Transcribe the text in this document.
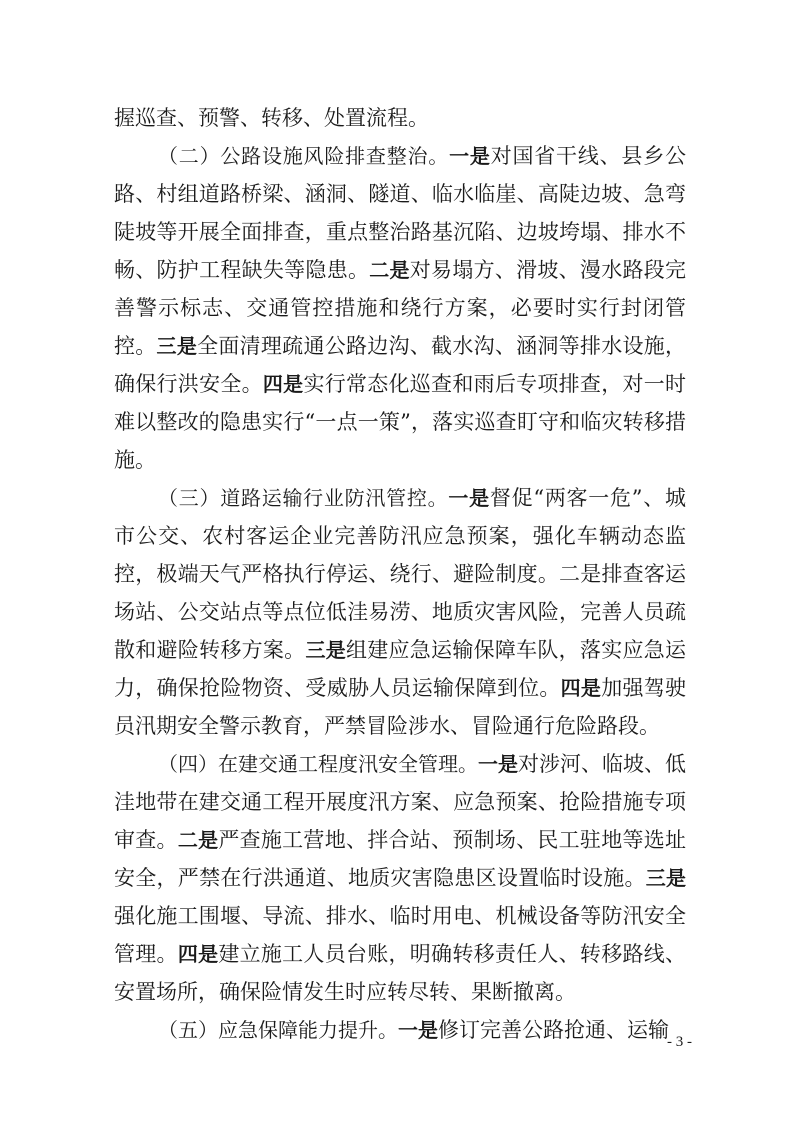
握巡查、预警、转移、处置流程。

（二）公路设施风险排查整治。一是对国省干线、县乡公路、村组道路桥梁、涵洞、隧道、临水临崖、高陡边坡、急弯陡坡等开展全面排查，重点整治路基沉陷、边坡垮塌、排水不畅、防护工程缺失等隐患。二是对易塌方、滑坡、漫水路段完善警示标志、交通管控措施和绕行方案，必要时实行封闭管控。三是全面清理疏通公路边沟、截水沟、涵洞等排水设施，确保行洪安全。四是实行常态化巡查和雨后专项排查，对一时难以整改的隐患实行“一点一策”，落实巡查盯守和临灾转移措施。

（三）道路运输行业防汛管控。一是督促“两客一危”、城市公交、农村客运企业完善防汛应急预案，强化车辆动态监控，极端天气严格执行停运、绕行、避险制度。二是排查客运场站、公交站点等点位低洼易涝、地质灾害风险，完善人员疏散和避险转移方案。三是组建应急运输保障车队，落实应急运力，确保抢险物资、受威胁人员运输保障到位。四是加强驾驶员汛期安全警示教育，严禁冒险涉水、冒险通行危险路段。

（四）在建交通工程度汛安全管理。一是对涉河、临坡、低洼地带在建交通工程开展度汛方案、应急预案、抢险措施专项审查。二是严查施工营地、拌合站、预制场、民工驻地等选址安全，严禁在行洪通道、地质灾害隐患区设置临时设施。三是强化施工围堰、导流、排水、临时用电、机械设备等防汛安全管理。四是建立施工人员台账，明确转移责任人、转移路线、安置场所，确保险情发生时应转尽转、果断撤离。

（五）应急保障能力提升。一是修订完善公路抢通、运输

- 3 -
